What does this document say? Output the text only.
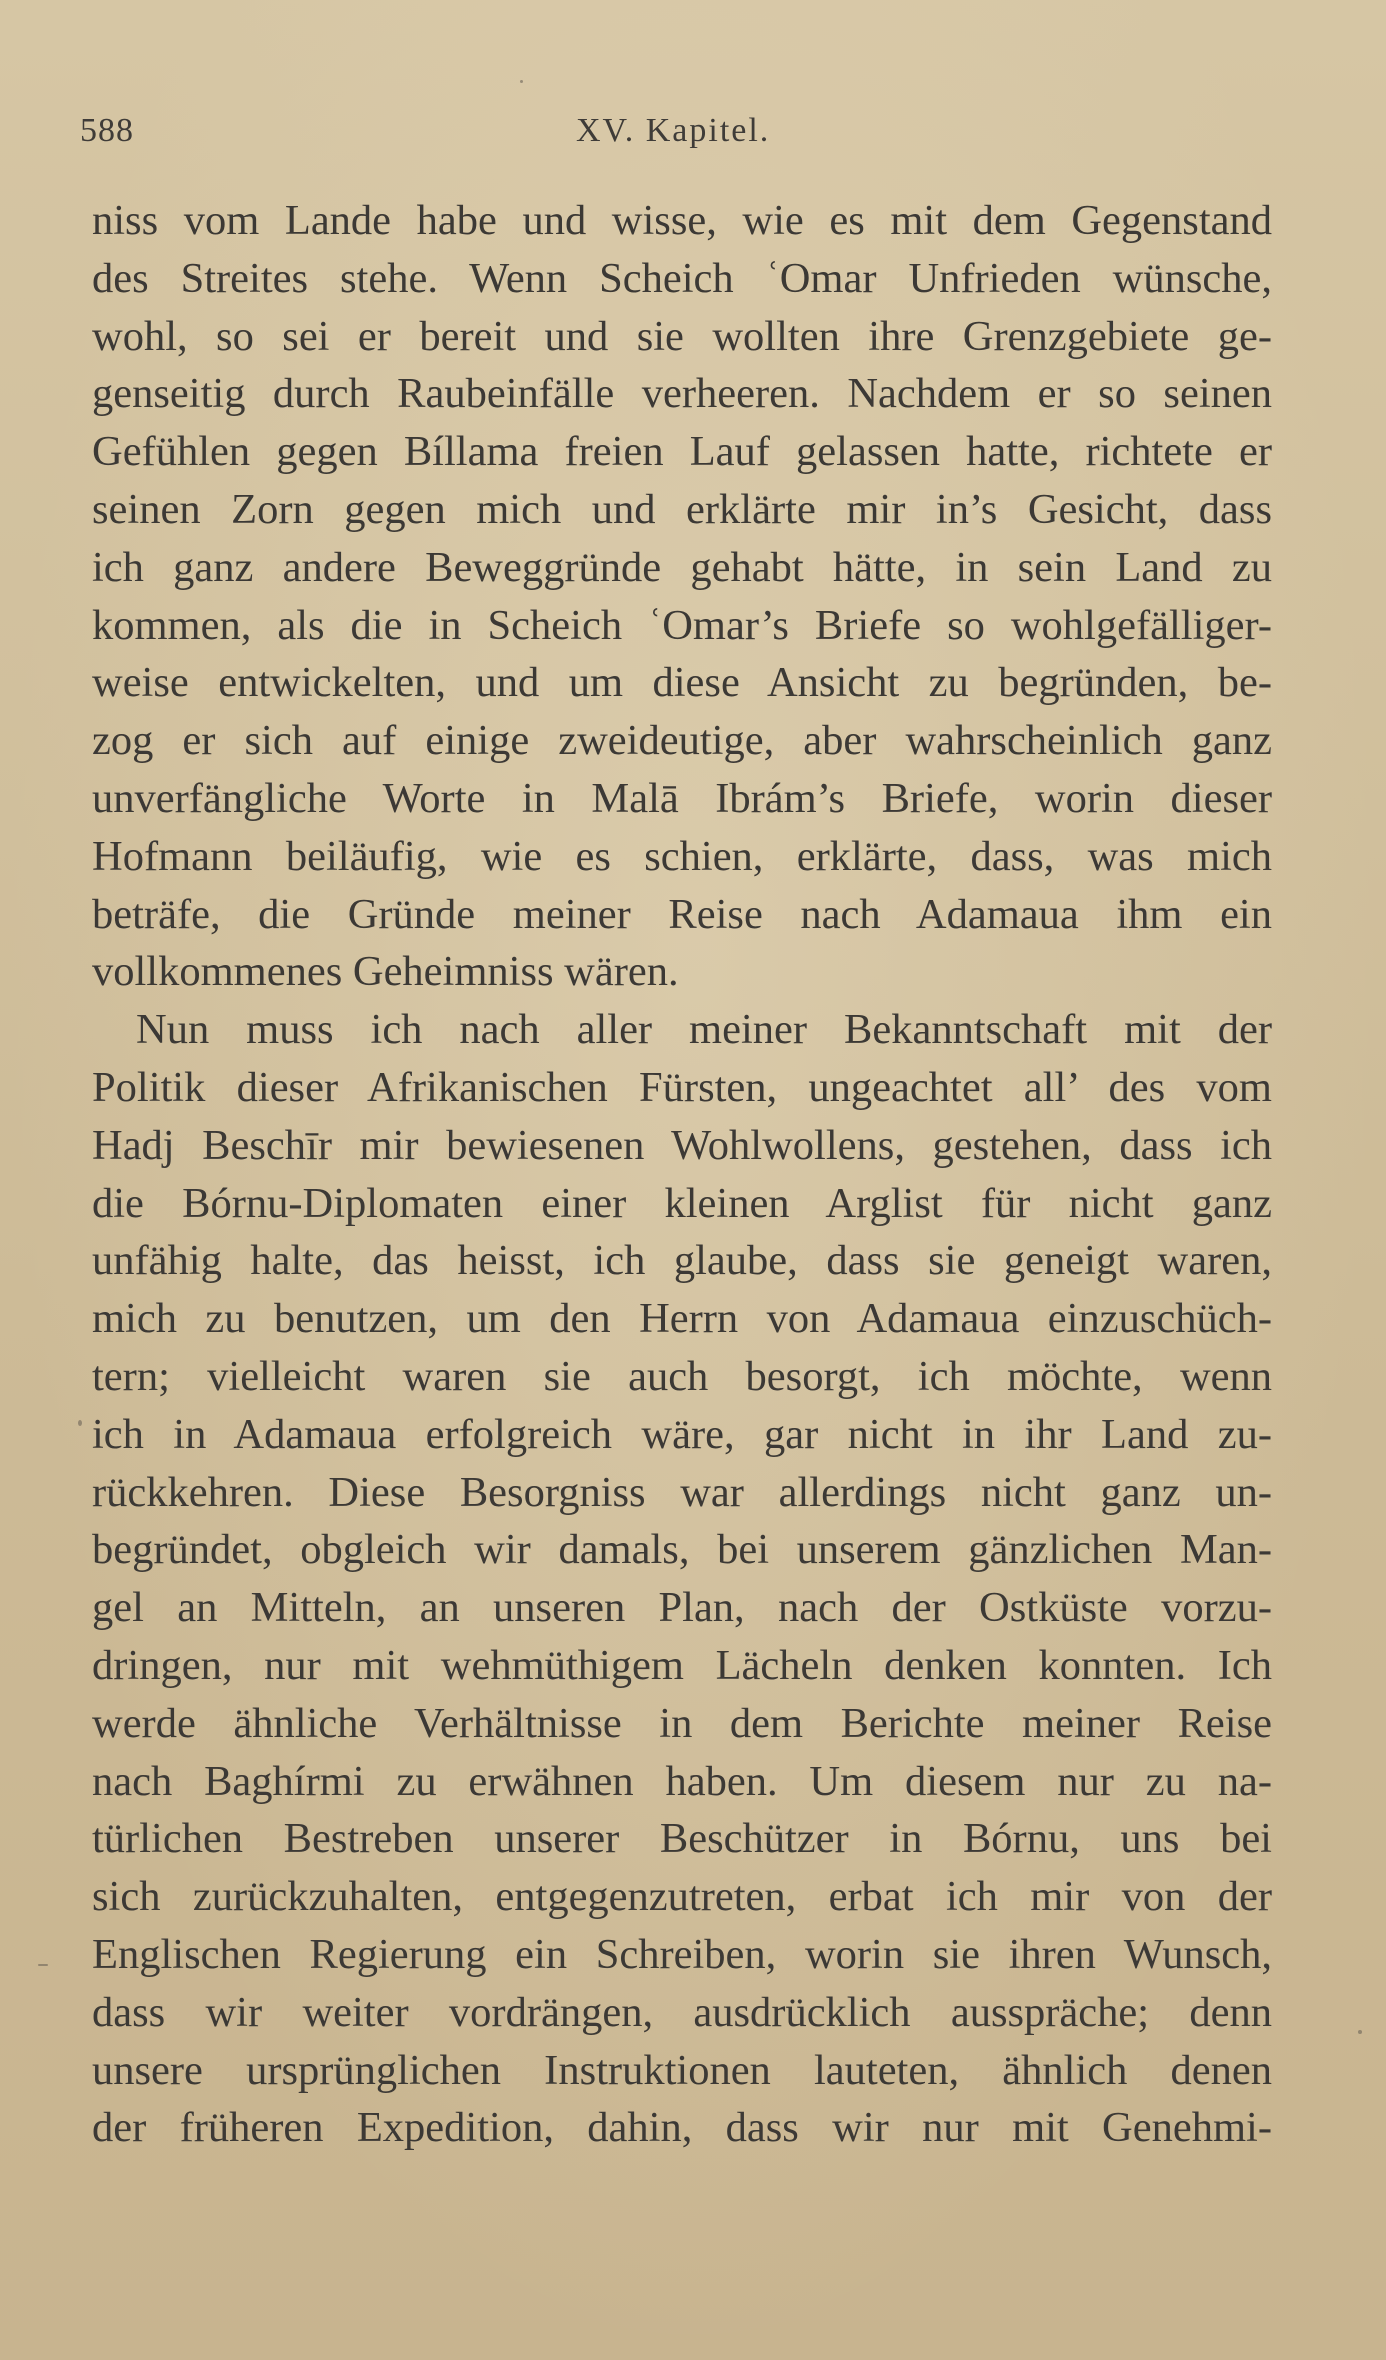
588	XV. Kapitel.
niss vom Lande habe und wisse, wie es mit dem Gegenstand
des Streites stehe. Wenn Scheich ʿOmar Unfrieden wünsche,
wohl, so sei er bereit und sie wollten ihre Grenzgebiete ge-
genseitig durch Raubeinfälle verheeren. Nachdem er so seinen
Gefühlen gegen Bíllama freien Lauf gelassen hatte, richtete er
seinen Zorn gegen mich und erklärte mir in’s Gesicht, dass
ich ganz andere Beweggründe gehabt hätte, in sein Land zu
kommen, als die in Scheich ʿOmar’s Briefe so wohlgefälliger-
weise entwickelten, und um diese Ansicht zu begründen, be-
zog er sich auf einige zweideutige, aber wahrscheinlich ganz
unverfängliche Worte in Malā Ibrám’s Briefe, worin dieser
Hofmann beiläufig, wie es schien, erklärte, dass, was mich
beträfe, die Gründe meiner Reise nach Adamaua ihm ein
vollkommenes Geheimniss wären.
Nun muss ich nach aller meiner Bekanntschaft mit der
Politik dieser Afrikanischen Fürsten, ungeachtet all’ des vom
Hadj Beschīr mir bewiesenen Wohlwollens, gestehen, dass ich
die Bórnu-Diplomaten einer kleinen Arglist für nicht ganz
unfähig halte, das heisst, ich glaube, dass sie geneigt waren,
mich zu benutzen, um den Herrn von Adamaua einzuschüch-
tern; vielleicht waren sie auch besorgt, ich möchte, wenn
ich in Adamaua erfolgreich wäre, gar nicht in ihr Land zu-
rückkehren. Diese Besorgniss war allerdings nicht ganz un-
begründet, obgleich wir damals, bei unserem gänzlichen Man-
gel an Mitteln, an unseren Plan, nach der Ostküste vorzu-
dringen, nur mit wehmüthigem Lächeln denken konnten. Ich
werde ähnliche Verhältnisse in dem Berichte meiner Reise
nach Baghírmi zu erwähnen haben. Um diesem nur zu na-
türlichen Bestreben unserer Beschützer in Bórnu, uns bei
sich zurückzuhalten, entgegenzutreten, erbat ich mir von der
Englischen Regierung ein Schreiben, worin sie ihren Wunsch,
dass wir weiter vordrängen, ausdrücklich ausspräche; denn
unsere ursprünglichen Instruktionen lauteten, ähnlich denen
der früheren Expedition, dahin, dass wir nur mit Genehmi-
